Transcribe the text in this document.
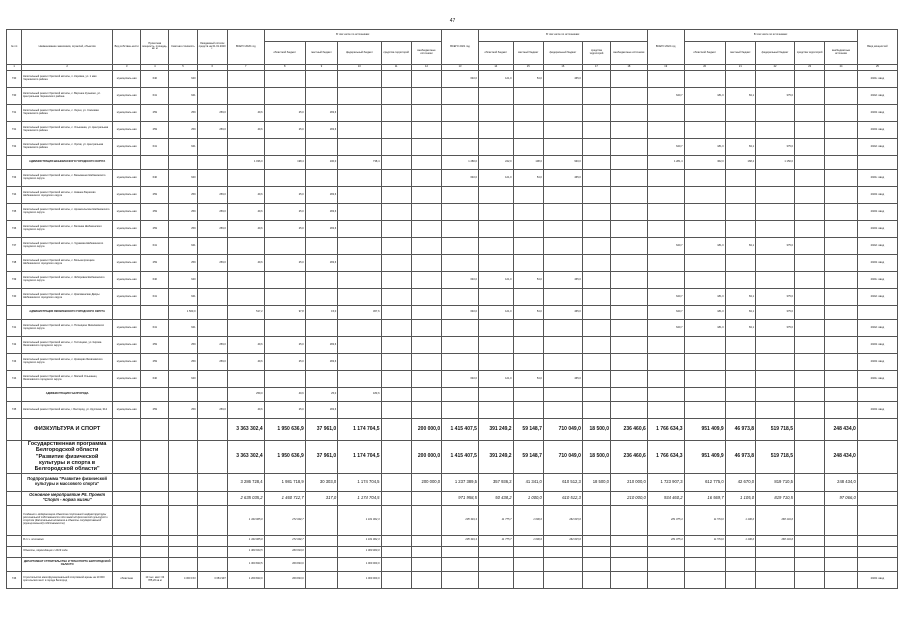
47
№ пп	Наименование заказчиков, отраслей, объектов	Вид собствен-ности	Проектная мощность, площадь, кв. м	Сметная стоимость	Ожидаемый остаток средств на 01.01.2020 г.	ВСЕГО 2020 год	В том числе по источникам:					ВСЕГО 2021 год	В том числе по источникам:					ВСЕГО 2022 год	В том числе по источникам:					Ввод мощностей
							областной бюджет	местный бюджет	федеральный бюджет	средства территорий	внебюджетные источники		областной бюджет	местный бюджет	федеральный бюджет	средства территорий	внебюджетные источники		областной бюджет	местный бюджет	федеральный бюджет	средства территорий	внебюджетные источники	
1	2	3	4	5	6	7	8	9	10	11	12	13	14	15	16	17	18	19	20	21	22	23	24	25
730	Капитальный ремонт братской могилы, п. Кировка, ул. 1 мая Чернянского района	муниципаль-ная	640	640								640,0	121,0	54,0	465,0									2021г. ввод
730	Капитальный ремонт братской могилы, с. Верхнее Кузькино, ул. Центральная Чернянского района	муниципаль-ная	641	641														640,7	181,0	84,1	375,0			2022г. ввод
731	Капитальный ремонт братской могилы, с. Окуни, ул. Сосновая Чернянского района	муниципаль-ная	259	259	259,0	49,6	25,0	183,6																2020г. ввод
731	Капитальный ремонт братской могилы, с. Ольшанка, ул. Центральная Чернянского района	муниципаль-ная	259	259	259,0	49,6	25,0	183,6																2020г. ввод
732	Капитальный ремонт братской могилы, с. Орлик, ул. Центральная Чернянского района	муниципаль-ная	641	641														640,7	181,0	84,1	375,0			2022г. ввод
	АДМИНИСТРАЦИЯ ШЕБЕКИНСКОГО ГОРОДСКОГО ОКРУГА					1 036,0	198,4	100,0	738,4			1 280,0	242,0	108,0	930,0			1 281,4	362,0	168,2	1 150,0			
733	Капитальный ремонт братской могилы, с. Безыменно Шебекинского городского округа	муниципаль-ная	640	640								640,0	121,0	54,0	465,0									2021г. ввод
734	Капитальный ремонт братской могилы, с. Нижнее Березово Шебекинского городского округа	муниципаль-ная	259	259	259,0	49,6	25,0	183,6																2020г. ввод
735	Капитальный ремонт братской могилы, с. Архангельское Шебекинского городского округа	муниципаль-ная	259	259	259,0	49,6	25,0	183,6																2020г. ввод
736	Капитальный ремонт братской могилы, с. Белянка Шебекинского городского округа	муниципаль-ная	259	259	259,0	49,6	25,0	183,6																2020г. ввод
737	Капитальный ремонт братской могилы, п. Чураевка Шебекинского городского округа	муниципаль-ная	641	641														640,7	181,0	84,1	375,0			2022г. ввод
738	Капитальный ремонт братской могилы, с. Большетроицкое Шебекинского городского округа	муниципаль-ная	259	259	259,0	49,6	25,0	183,6																2020г. ввод
739	Капитальный ремонт братской могилы, с. Зиборовка Шебекинского городского округа	муниципаль-ная	640	640								640,0	121,0	54,0	465,0									2021г. ввод
740	Капитальный ремонт братской могилы, с. Крапивенские Дворы Шебекинского городского округа	муниципаль-ная	641	641														640,7	181,0	84,1	375,0			2022г. ввод
	АДМИНИСТРАЦИЯ ЯКОВЛЕВСКОГО ГОРОДСКОГО ОКРУГА			1 560,0		517,2	97,8	15,0	367,6			640,0	121,0	54,0	465,0			640,7	181,0	84,1	375,0			
741	Капитальный ремонт братской могилы, п. Пятницкое Яковлевского городского округа	муниципаль-ная	641	641														640,7	181,0	84,1	375,0			2022г. ввод
742	Капитальный ремонт братской могилы, с. Гостищево, ул. Кирова Яковлевского городского округа	муниципаль-ная	259	259	259,0	49,6	25,0	183,6																2020г. ввод
743	Капитальный ремонт братской могилы, с. Кривцово Яковлевского городского округа	муниципаль-ная	259	259	259,0	49,6	25,0	183,6																2020г. ввод
744	Капитальный ремонт братской могилы, с. Мясной Ольшанец Яковлевского городского округа	муниципаль-ная	640	640								640,0	121,0	54,0	465,0									2021г. ввод
	АДМИНИСТРАЦИЯ Г.БЕЛГОРОДА					259,0	49,6	25,0	183,6															
745	Капитальный ремонт братской могилы, г. Белгород, ул. Крупская, 312	муниципаль-ная	259	259	259,0	49,6	25,0	183,6																2020г. ввод
	ФИЗКУЛЬТУРА И СПОРТ					3 363 302,4	1 950 636,9	37 961,0	1 174 704,5		200 000,0	1 415 407,5	391 249,2	59 148,7	710 049,0	18 500,0	236 460,6	1 766 634,3	951 409,9	46 973,8	519 718,5		248 434,0	
	Государственная программа Белгородской области "Развитие физической культуры и спорта в Белгородской области"					3 363 302,4	1 950 636,9	37 961,0	1 174 704,5		200 000,0	1 415 407,5	391 249,2	59 148,7	710 049,0	18 500,0	236 460,6	1 766 634,3	951 409,9	46 973,8	519 718,5		248 434,0	
	Подпрограмма "Развитие физической культуры и массового спорта"					3 286 728,4	1 981 718,9	30 303,0	1 174 704,5		200 000,0	1 237 389,5	357 936,2	41 341,0	610 512,3	18 500,0	210 000,0	1 723 907,3	612 775,0	42 670,0	819 710,5		248 434,0	
	Основное мероприятие Р5. Проект "Спорт - норма жизни"					2 635 035,2	1 460 712,7	317,0	1 174 704,5			971 958,5	50 438,2	1 000,0	610 512,3		210 000,0	934 460,2	16 569,7	1 105,0	819 710,5		97 066,0	
	Создание и модернизация объектов спортивной инфраструктуры региональной собственности для занятий физической культурой и спортом (Капитальные вложения в объекты государственной (муниципальной) собственности)					1 433 905,0	272 002,7		1 161 902,3			205 391,3	11 775,7	1 000,0	262 615,6			281 075,4	11 574,0	1 106,0	268 101,6			
	В т.ч. отложено					1 433 905,0	272 002,7		1 161 902,3			205 391,3	11 775,7	1 000,0	262 615,6			281 075,4	11 574,0	1 106,0	268 101,6			
	Объекты, переходящие с 2019 года					1 300 823,5	269 823,0		1 000 000,0															
	ДЕПАРТАМЕНТ СТРОИТЕЛЬСТВА И ТРАНСПОРТА БЕЛГОРОДСКОЙ ОБЛАСТИ					1 300 823,5	269 823,0		1 000 000,0															
746	Строительство многофункциональной спортивной арены на 10 000 зрительских мест в городе Белгород	областная	10 тыс. мест 33 785,20 кв.м	4 300 153	3 081 997	1 269 823,0	269 823,0		1 000 000,0															2020г. ввод
